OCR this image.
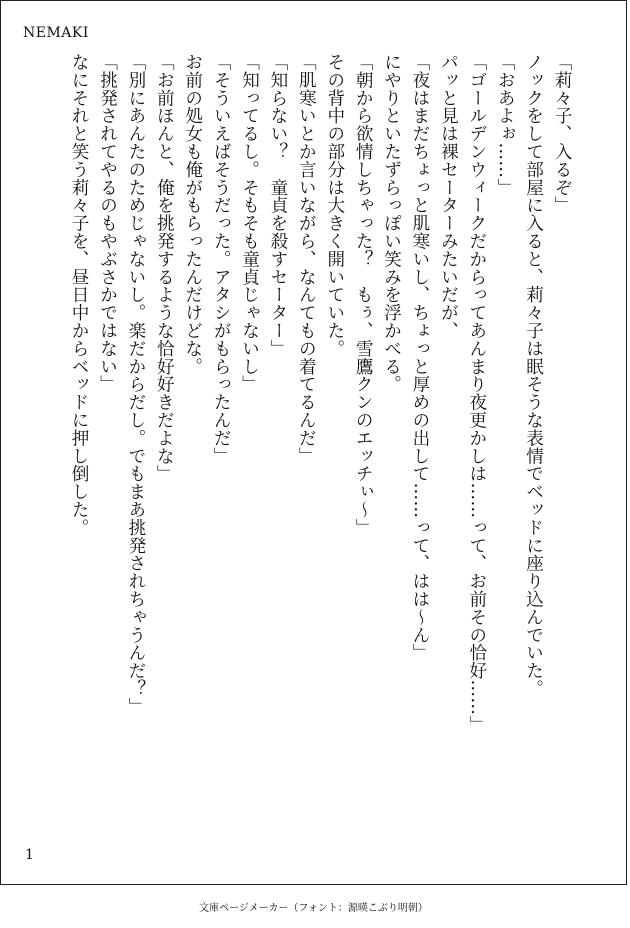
NEMAKI
「莉々子、入るぞ」
ノックをして部屋に入ると、莉々子は眠そうな表情でベッドに座り込んでいた。
「おあよぉ……」
「ゴールデンウィークだからってあんまり夜更かしは……って、お前その恰好……」
パッと見は裸セーターみたいだが、
「夜はまだちょっと肌寒いし、ちょっと厚めの出して……って、はは～ん」
にやりといたずらっぽい笑みを浮かべる。
「朝から欲情しちゃった？　もぅ、雪鷹クンのエッチぃ～」
その背中の部分は大きく開いていた。
「肌寒いとか言いながら、なんてもの着てるんだ」
「知らない？　童貞を殺すセーター」
「知ってるし。そもそも童貞じゃないし」
「そういえばそうだった。アタシがもらったんだ」
お前の処女も俺がもらったんだけどな。
「お前ほんと、俺を挑発するような恰好好きだよな」
「別にあんたのためじゃないし。楽だからだし。でもまあ挑発されちゃうんだ？」
「挑発されてやるのもやぶさかではない」
なにそれと笑う莉々子を、昼日中からベッドに押し倒した。
1
文庫ページメーカー（フォント：源暎こぶり明朝）
